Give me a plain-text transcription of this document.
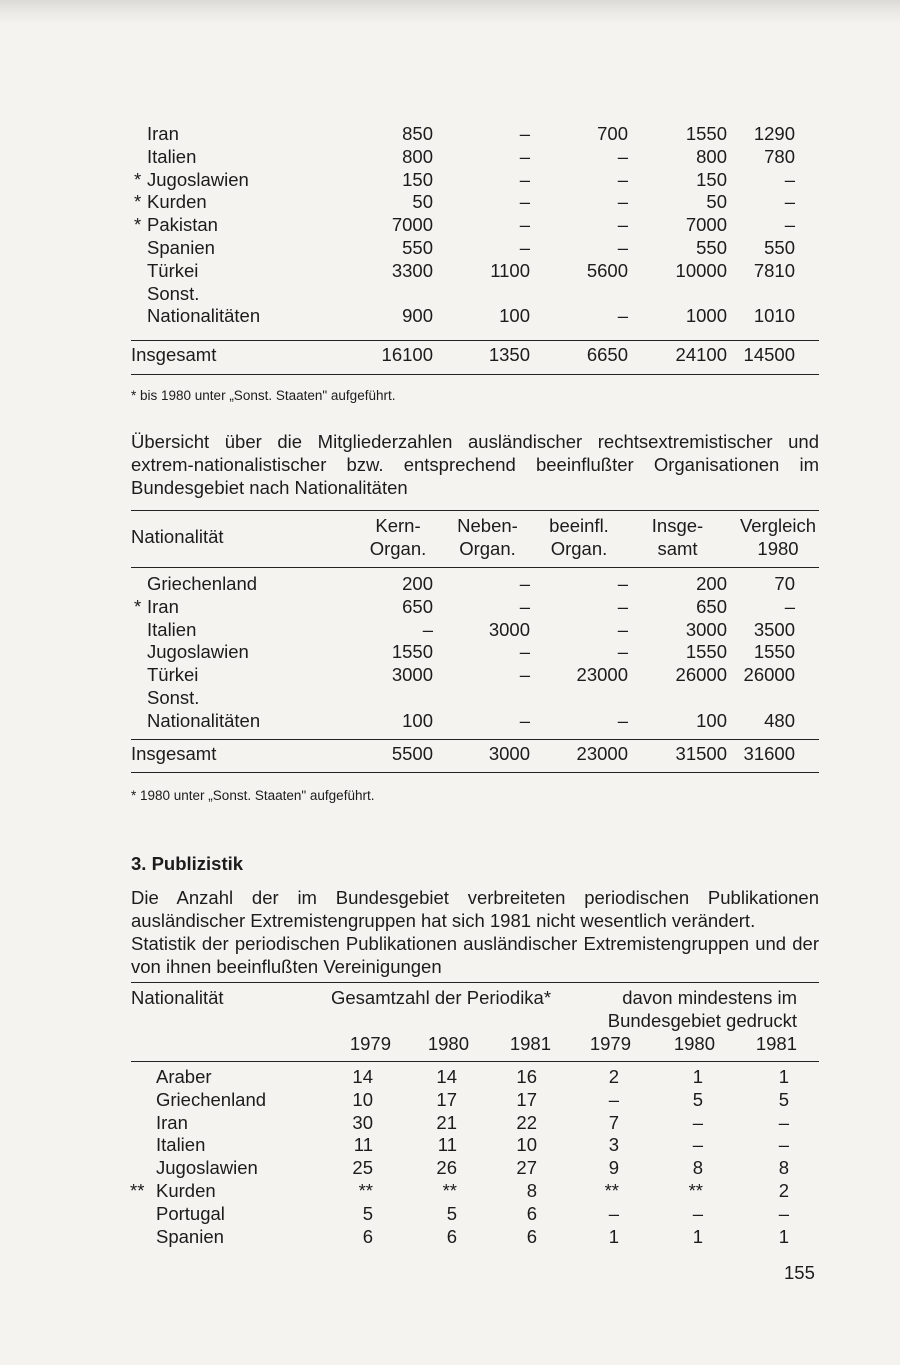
Iran	850	–	700	1550	1290
Italien	800	–	–	800	780

* Jugoslawien	150	–	–	150	–

* Kurden	50	–	–	50	–

* Pakistan	7000	–	–	7000	–
Spanien	550	–	–	550	550
Türkei	3300	1100	5600	10000	7810
Sonst.					
Nationalitäten	900	100	–	1000	1010
Insgesamt	16100	1350	6650	24100	14500
* bis 1980 unter „Sonst. Staaten" aufgeführt.
Übersicht über die Mitgliederzahlen ausländischer rechtsextremistischer und extrem-nationalistischer bzw. entsprechend beeinflußter Organisationen im Bundesgebiet nach Nationalitäten
Nationalität	Kern-	Neben-	beeinfl.	Insge-	Vergleich
	Organ.	Organ.	Organ.	samt	1980
Griechenland	200	–	–	200	70

* Iran	650	–	–	650	–
Italien	–	3000	–	3000	3500
Jugoslawien	1550	–	–	1550	1550
Türkei	3000	–	23000	26000	26000
Sonst.					
Nationalitäten	100	–	–	100	480
Insgesamt	5500	3000	23000	31500	31600
* 1980 unter „Sonst. Staaten" aufgeführt.
3. Publizistik
Die Anzahl der im Bundesgebiet verbreiteten periodischen Publikationen ausländischer Extremistengruppen hat sich 1981 nicht wesentlich verändert.
Statistik der periodischen Publikationen ausländischer Extremistengruppen und der von ihnen beeinflußten Vereinigungen
Nationalität	Gesamtzahl der Periodika*			davon mindestens im		
				Bundesgebiet gedruckt		
	1979	1980	1981	1979	1980	1981
Araber	14	14	16	2	1	1
Griechenland	10	17	17	–	5	5
Iran	30	21	22	7	–	–
Italien	11	11	10	3	–	–
Jugoslawien	25	26	27	9	8	8

** Kurden	**	**	8	**	**	2
Portugal	5	5	6	–	–	–
Spanien	6	6	6	1	1	1
155
